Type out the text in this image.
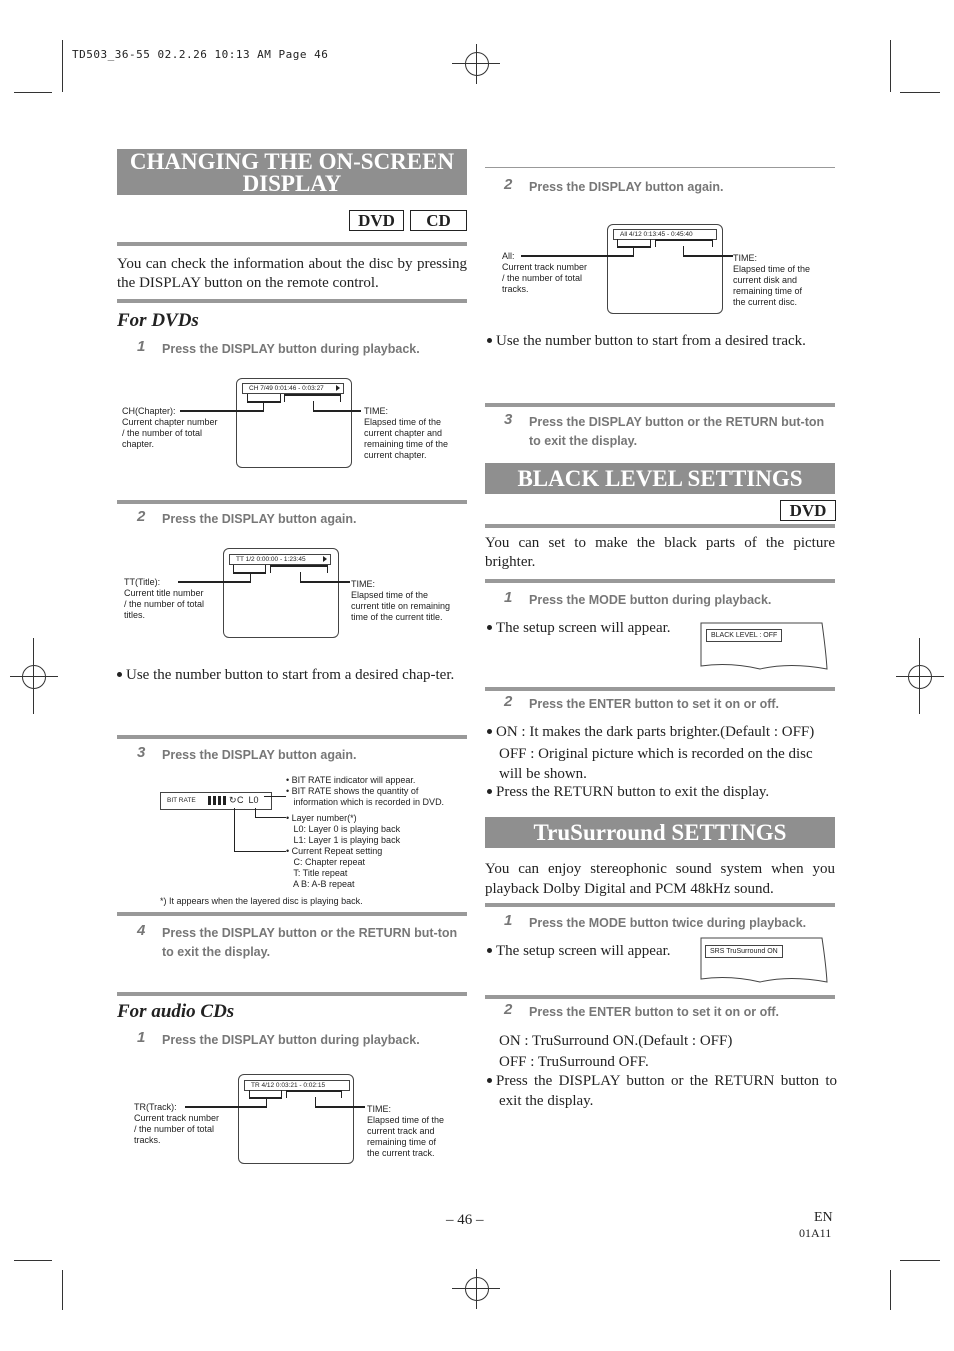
TD503_36-55 02.2.26 10:13 AM Page 46
CHANGING THE ON-SCREEN DISPLAY
DVD	CD
You can check the information about the disc by pressing the DISPLAY button on the remote control.
For DVDs
1 Press the DISPLAY button during playback.
CH 7/49 0:01:46 - 0:03:27
CH(Chapter):
Current chapter number
/ the number of total
chapter.
TIME:
Elapsed time of the
current chapter and
remaining time of the
current chapter.
2 Press the DISPLAY button again.
TT 1/2 0:00:00 - 1:23:45
TT(Title):
Current title number
/ the number of total
titles.
TIME:
Elapsed time of the
current title on remaining
time of the current title.
Use the number button to start from a desired chap-ter.
3 Press the DISPLAY button again.
BIT RATE	↻ C  L0
• BIT RATE indicator will appear.
• BIT RATE shows the quantity of
information which is recorded in DVD.
• Layer number(*)
L0: Layer 0 is playing back
L1: Layer 1 is playing back
• Current Repeat setting
C: Chapter repeat
T: Title repeat
A B: A-B repeat
*) It appears when the layered disc is playing back.
4 Press the DISPLAY button or the RETURN but-ton to exit the display.
For audio CDs
1 Press the DISPLAY button during playback.
TR 4/12 0:03:21 - 0:02:15
TR(Track):
Current track number
/ the number of total
tracks.
TIME:
Elapsed time of the
current track and
remaining time of
the current track.
2 Press the DISPLAY button again.
All 4/12 0:13:45 - 0:45:40
All:
Current track number
/ the number of total
tracks.
TIME:
Elapsed time of the
current disk and
remaining time of
the current disc.
Use the number button to start from a desired track.
3 Press the DISPLAY button or the RETURN but-ton to exit the display.
BLACK LEVEL SETTINGS
DVD
You can set to make the black parts of the picture brighter.
1 Press the MODE button during playback.
The setup screen will appear.	BLACK LEVEL : OFF
2 Press the ENTER button to set it on or off.
ON : It makes the dark parts brighter.(Default : OFF)
OFF : Original picture which is recorded on the disc will be shown.
Press the RETURN button to exit the display.
TruSurround SETTINGS
You can enjoy stereophonic sound system when you playback Dolby Digital and PCM 48kHz sound.
1 Press the MODE button twice during playback.
The setup screen will appear.	SRS TruSurround ON
2 Press the ENTER button to set it on or off.
ON : TruSurround ON.(Default : OFF)
OFF : TruSurround OFF.
Press the DISPLAY button or the RETURN button to exit the display.
– 46 –	EN
01A11
